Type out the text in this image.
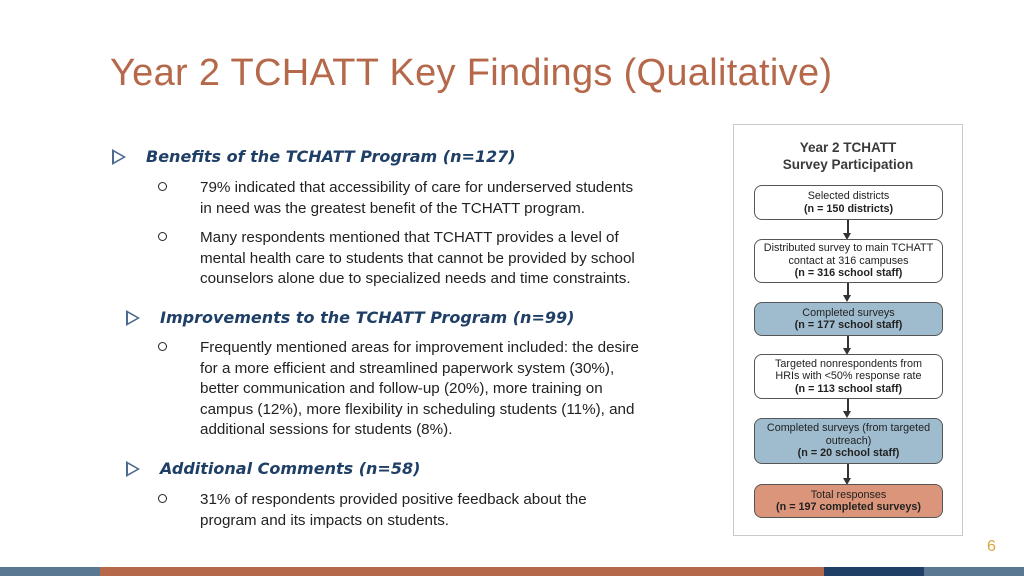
Year 2 TCHATT Key Findings (Qualitative)
Benefits of the TCHATT Program (n=127)
79% indicated that accessibility of care for underserved students
in need was the greatest benefit of the TCHATT program.
Many respondents mentioned that TCHATT provides a level of
mental health care to students that cannot be provided by school
counselors alone due to specialized needs and time constraints.
Improvements to the TCHATT Program (n=99)
Frequently mentioned areas for improvement included: the desire
for a more efficient and streamlined paperwork system (30%),
better communication and follow-up (20%), more training on
campus (12%), more flexibility in scheduling students (11%), and
additional sessions for students (8%).
Additional Comments (n=58)
31% of respondents provided positive feedback about the
program and its impacts on students.
Year 2 TCHATT
Survey Participation
Selected districts
(n = 150 districts)
Distributed survey to main TCHATT
contact at 316 campuses
(n = 316 school staff)
Completed surveys
(n = 177 school staff)
Targeted nonrespondents from
HRIs with <50% response rate
(n = 113 school staff)
Completed surveys (from targeted
outreach)
(n = 20 school staff)
Total responses
(n = 197 completed surveys)
6
